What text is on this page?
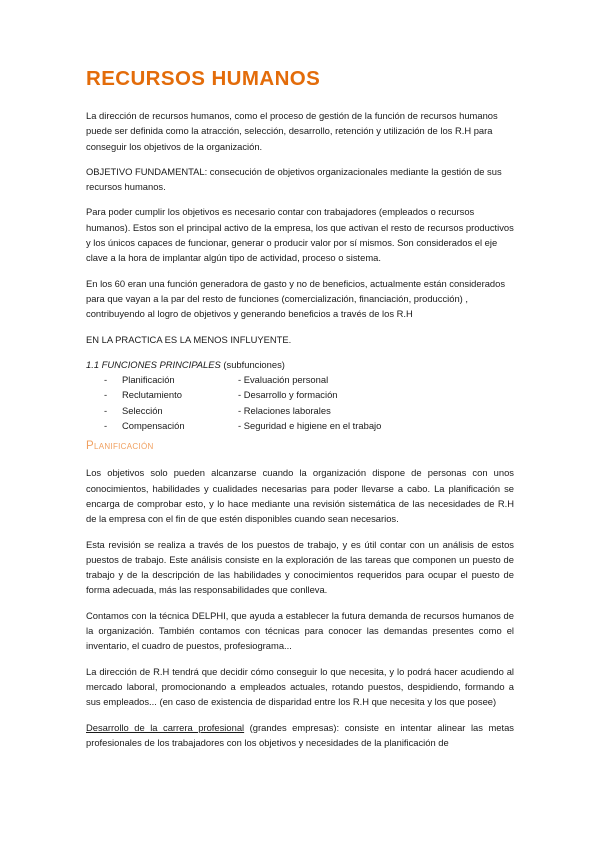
RECURSOS HUMANOS

La dirección de recursos humanos, como el proceso de gestión de la función de recursos humanos puede ser definida como la atracción, selección, desarrollo, retención y utilización de los R.H para conseguir los objetivos de la organización.

OBJETIVO FUNDAMENTAL: consecución de objetivos organizacionales mediante la gestión de sus recursos humanos.

Para poder cumplir los objetivos es necesario contar con trabajadores (empleados o recursos humanos). Estos son el principal activo de la empresa, los que activan el resto de recursos productivos y los únicos capaces de funcionar, generar o producir valor por sí mismos. Son considerados el eje clave a la hora de implantar algún tipo de actividad, proceso o sistema.

En los 60 eran una función generadora de gasto y no de beneficios, actualmente están considerados para que vayan a la par del resto de funciones (comercialización, financiación, producción) , contribuyendo al logro de objetivos y generando beneficios a través de los R.H

EN LA PRACTICA ES LA MENOS INFLUYENTE.

1.1 FUNCIONES PRINCIPALES (subfunciones)
- Planificación	- Evaluación personal
- Reclutamiento	- Desarrollo y formación
- Selección	- Relaciones laborales
- Compensación	- Seguridad e higiene en el trabajo
Planificación

Los objetivos solo pueden alcanzarse cuando la organización dispone de personas con unos conocimientos, habilidades y cualidades necesarias para poder llevarse a cabo. La planificación se encarga de comprobar esto, y lo hace mediante una revisión sistemática de las necesidades de R.H de la empresa con el fin de que estén disponibles cuando sean necesarios.

Esta revisión se realiza a través de los puestos de trabajo, y es útil contar con un análisis de estos puestos de trabajo. Este análisis consiste en la exploración de las tareas que componen un puesto de trabajo y de la descripción de las habilidades y conocimientos requeridos para ocupar el puesto de forma adecuada, más las responsabilidades que conlleva.

Contamos con la técnica DELPHI, que ayuda a establecer la futura demanda de recursos humanos de la organización. También contamos con técnicas para conocer las demandas presentes como el inventario, el cuadro de puestos, profesiograma...

La dirección de R.H tendrá que decidir cómo conseguir lo que necesita, y lo podrá hacer acudiendo al mercado laboral, promocionando a empleados actuales, rotando puestos, despidiendo, formando a sus empleados... (en caso de existencia de disparidad entre los R.H que necesita y los que posee)

Desarrollo de la carrera profesional (grandes empresas): consiste en intentar alinear las metas profesionales de los trabajadores con los objetivos y necesidades de la planificación de
